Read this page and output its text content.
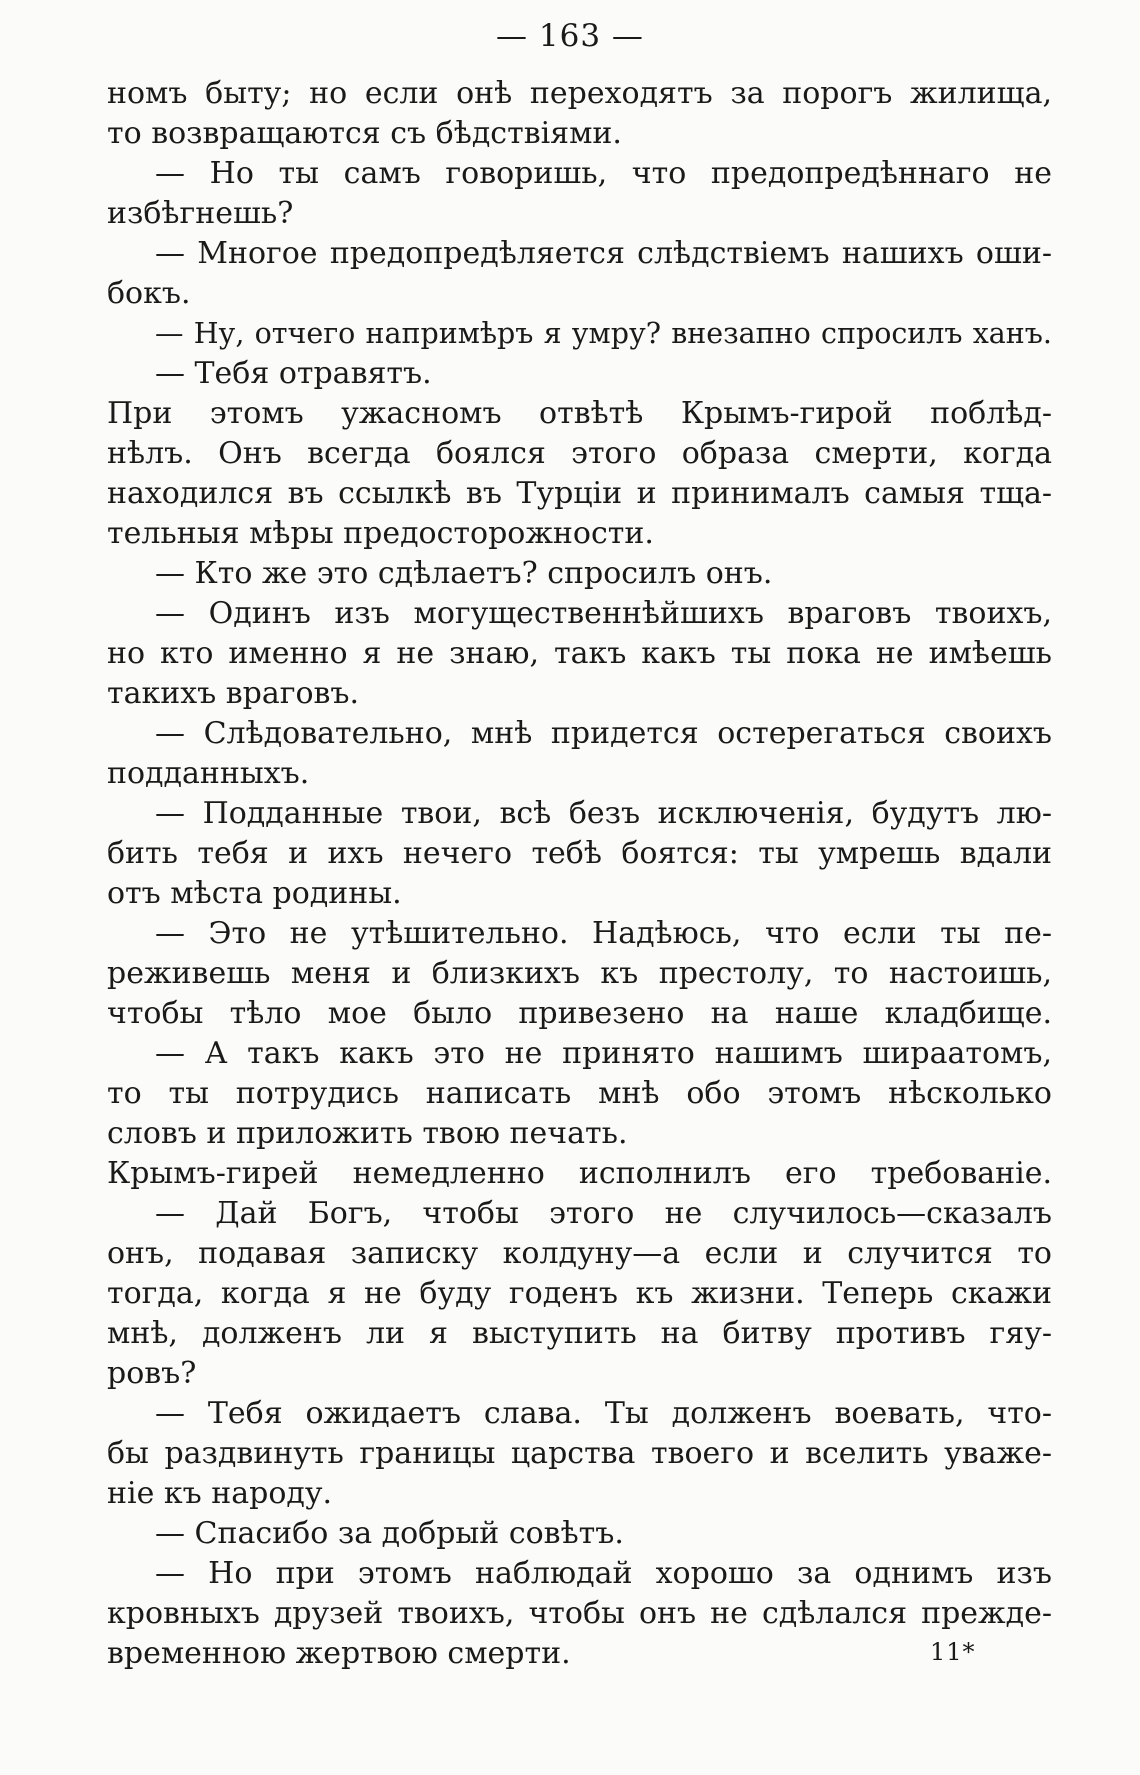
— 163 —
номъ быту; но если онѣ переходятъ за порогъ жилища,
то возвращаются съ бѣдствіями.
— Но ты самъ говоришь, что предопредѣннаго не
избѣгнешь?
— Многое предопредѣляется слѣдствіемъ нашихъ оши-
бокъ.
— Ну, отчего напримѣръ я умру? внезапно спросилъ ханъ.
— Тебя отравятъ.
При этомъ ужасномъ отвѣтѣ Крымъ-гирой поблѣд-
нѣлъ. Онъ всегда боялся этого образа смерти, когда
находился въ ссылкѣ въ Турціи и принималъ самыя тща-
тельныя мѣры предосторожности.
— Кто же это сдѣлаетъ? спросилъ онъ.
— Одинъ изъ могущественнѣйшихъ враговъ твоихъ,
но кто именно я не знаю, такъ какъ ты пока не имѣешь
такихъ враговъ.
— Слѣдовательно, мнѣ придется остерегаться своихъ
подданныхъ.
— Подданные твои, всѣ безъ исключенія, будутъ лю-
бить тебя и ихъ нечего тебѣ боятся: ты умрешь вдали
отъ мѣста родины.
— Это не утѣшительно. Надѣюсь, что если ты пе-
реживешь меня и близкихъ къ престолу, то настоишь,
чтобы тѣло мое было привезено на наше кладбище.
— А такъ какъ это не принято нашимъ шираатомъ,
то ты потрудись написать мнѣ обо этомъ нѣсколько
словъ и приложить твою печать.
Крымъ-гирей немедленно исполнилъ его требованіе.
— Дай Богъ, чтобы этого не случилось—сказалъ
онъ, подавая записку колдуну—а если и случится то
тогда, когда я не буду годенъ къ жизни. Теперь скажи
мнѣ, долженъ ли я выступить на битву противъ гяу-
ровъ?
— Тебя ожидаетъ слава. Ты долженъ воевать, что-
бы раздвинуть границы царства твоего и вселить уваже-
ніе къ народу.
— Спасибо за добрый совѣтъ.
— Но при этомъ наблюдай хорошо за однимъ изъ
кровныхъ друзей твоихъ, чтобы онъ не сдѣлался прежде-
временною жертвою смерти.	11*
